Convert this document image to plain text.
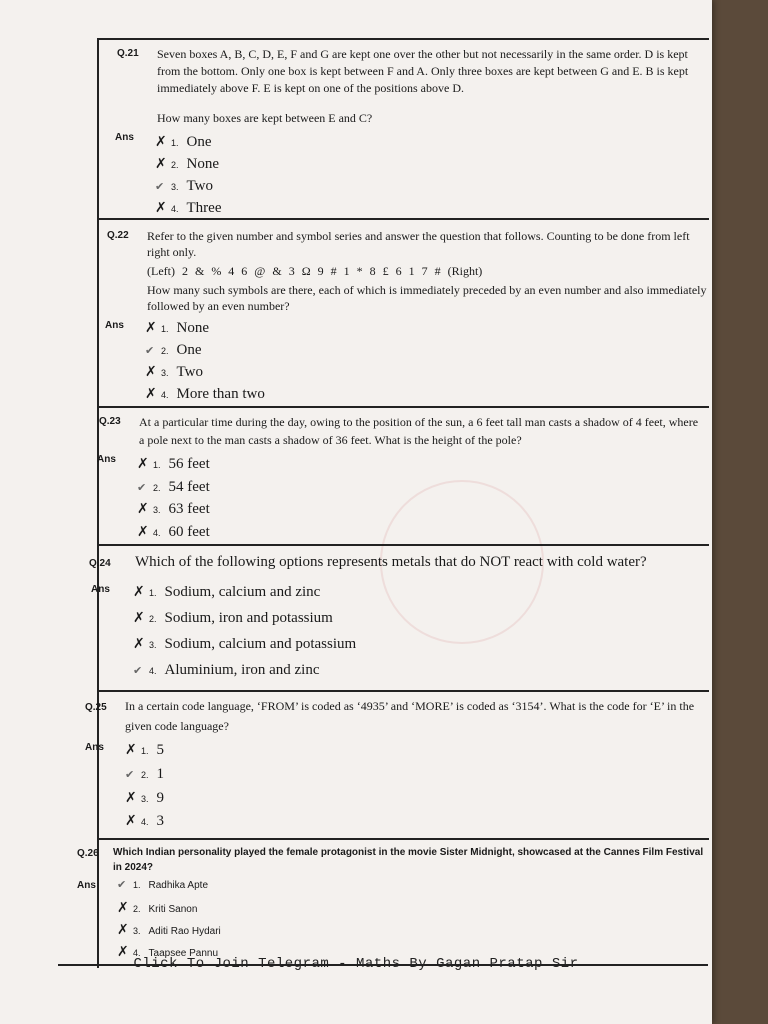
Q.21 Seven boxes A, B, C, D, E, F and G are kept one over the other but not necessarily in the same order. D is kept
from the bottom. Only one box is kept between F and A. Only three boxes are kept between G and E. B is kept
immediately above F. E is kept on one of the positions above D.
How many boxes are kept between E and C?
Ans ✗ 1. One
✗ 2. None
✔ 3. Two
✗ 4. Three
Q.22 Refer to the given number and symbol series and answer the question that follows. Counting to be done from left
right only.
(Left) 2 & % 4 6 @ & 3 Ω 9 # 1 * 8 £ 6 1 7 # (Right)
How many such symbols are there, each of which is immediately preceded by an even number and also immediately
followed by an even number?
Ans ✗ 1. None
✔ 2. One
✗ 3. Two
✗ 4. More than two
Q.23 At a particular time during the day, owing to the position of the sun, a 6 feet tall man casts a shadow of 4 feet, where
a pole next to the man casts a shadow of 36 feet. What is the height of the pole?
Ans ✗ 1. 56 feet
✔ 2. 54 feet
✗ 3. 63 feet
✗ 4. 60 feet
Q.24 Which of the following options represents metals that do NOT react with cold water?
Ans ✗ 1. Sodium, calcium and zinc
✗ 2. Sodium, iron and potassium
✗ 3. Sodium, calcium and potassium
✔ 4. Aluminium, iron and zinc
Q.25 In a certain code language, ‘FROM’ is coded as ‘4935’ and ‘MORE’ is coded as ‘3154’. What is the code for ‘E’ in the
given code language?
Ans ✗ 1. 5
✔ 2. 1
✗ 3. 9
✗ 4. 3
Q.26 Which Indian personality played the female protagonist in the movie Sister Midnight, showcased at the Cannes Film Festival
in 2024?
Ans ✔ 1. Radhika Apte
✗ 2. Kriti Sanon
✗ 3. Aditi Rao Hydari
✗ 4. Taapsee Pannu
Click To Join Telegram - Maths By Gagan Pratap Sir
